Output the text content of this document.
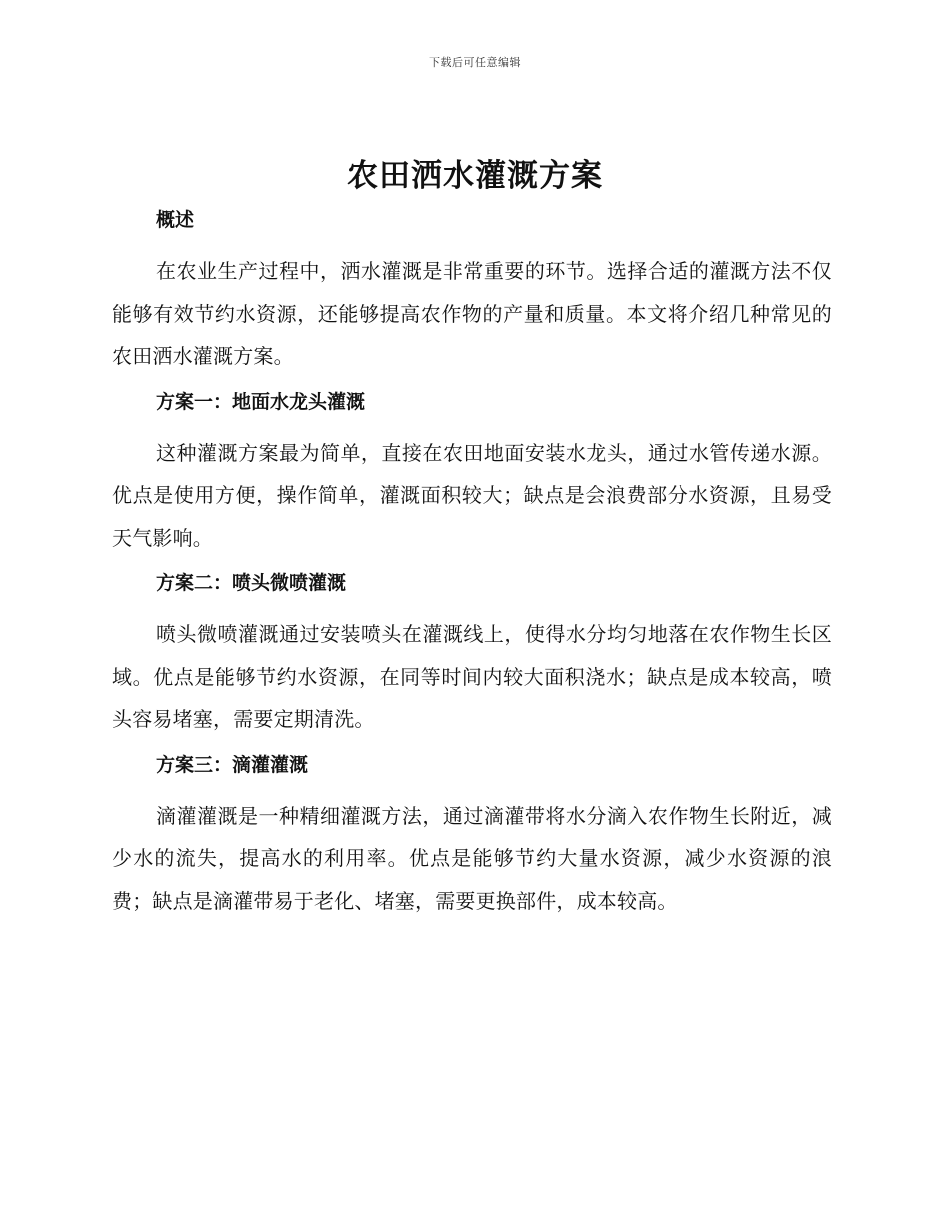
下载后可任意编辑
农田洒水灌溉方案
概述

在农业生产过程中，洒水灌溉是非常重要的环节。选择合适的灌溉方法不仅能够有效节约水资源，还能够提高农作物的产量和质量。本文将介绍几种常见的农田洒水灌溉方案。

方案一：地面水龙头灌溉

这种灌溉方案最为简单，直接在农田地面安装水龙头，通过水管传递水源。优点是使用方便，操作简单，灌溉面积较大；缺点是会浪费部分水资源，且易受天气影响。

方案二：喷头微喷灌溉

喷头微喷灌溉通过安装喷头在灌溉线上，使得水分均匀地落在农作物生长区域。优点是能够节约水资源，在同等时间内较大面积浇水；缺点是成本较高，喷头容易堵塞，需要定期清洗。

方案三：滴灌灌溉

滴灌灌溉是一种精细灌溉方法，通过滴灌带将水分滴入农作物生长附近，减少水的流失，提高水的利用率。优点是能够节约大量水资源，减少水资源的浪费；缺点是滴灌带易于老化、堵塞，需要更换部件，成本较高。
